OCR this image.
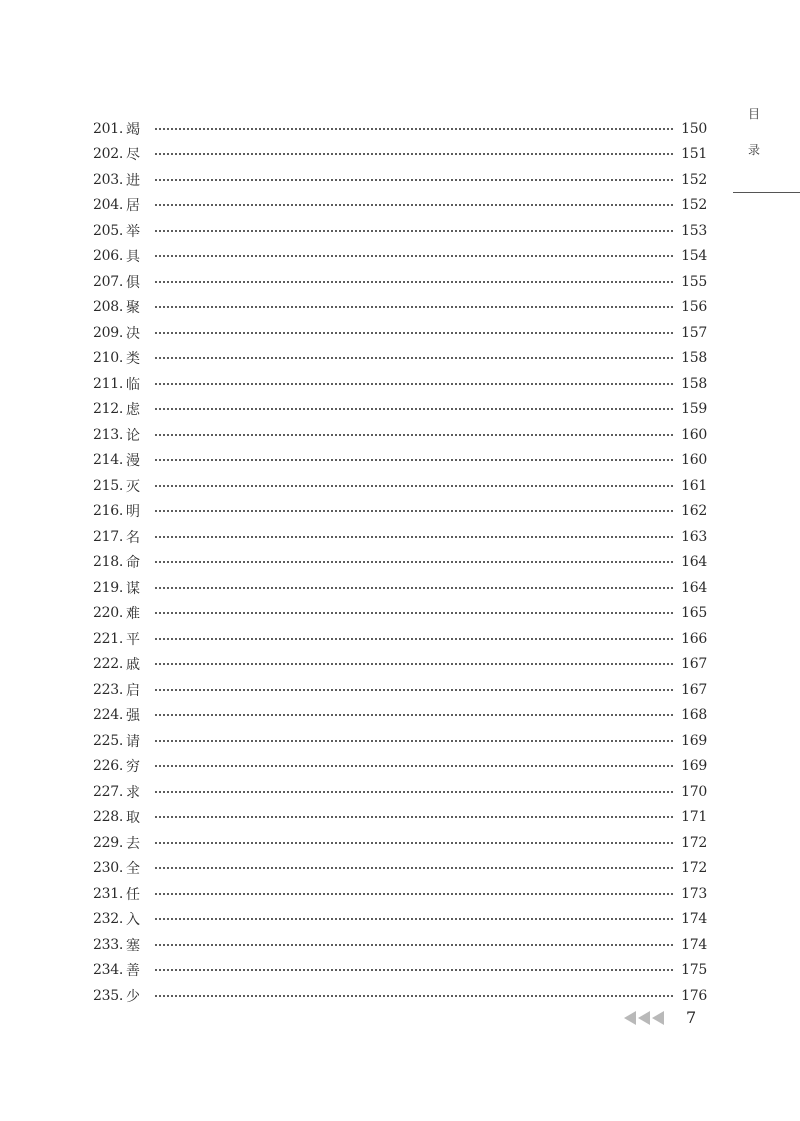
目
录
201. 竭	150
202. 尽	151
203. 进	152
204. 居	152
205. 举	153
206. 具	154
207. 俱	155
208. 聚	156
209. 决	157
210. 类	158
211. 临	158
212. 虑	159
213. 论	160
214. 漫	160
215. 灭	161
216. 明	162
217. 名	163
218. 命	164
219. 谋	164
220. 难	165
221. 平	166
222. 戚	167
223. 启	167
224. 强	168
225. 请	169
226. 穷	169
227. 求	170
228. 取	171
229. 去	172
230. 全	172
231. 任	173
232. 入	174
233. 塞	174
234. 善	175
235. 少	176
7
